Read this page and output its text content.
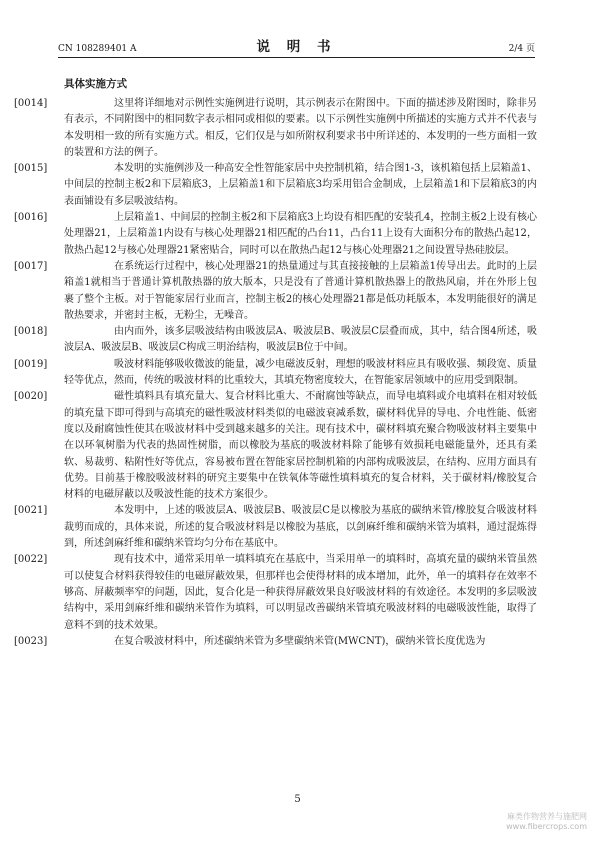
CN 108289401 A	说 明 书	2/4 页
具体实施方式

[0014]	这里将详细地对示例性实施例进行说明，其示例表示在附图中。下面的描述涉及附图时，除非另有表示，不同附图中的相同数字表示相同或相似的要素。以下示例性实施例中所描述的实施方式并不代表与本发明相一致的所有实施方式。相反，它们仅是与如所附权利要求书中所详述的、本发明的一些方面相一致的装置和方法的例子。

[0015]	本发明的实施例涉及一种高安全性智能家居中央控制机箱，结合图1-3，该机箱包括上层箱盖1、中间层的控制主板2和下层箱底3，上层箱盖1和下层箱底3均采用铝合金制成，上层箱盖1和下层箱底3的内表面铺设有多层吸波结构。

[0016]	上层箱盖1、中间层的控制主板2和下层箱底3上均设有相匹配的安装孔4，控制主板2上设有核心处理器21，上层箱盖1内设有与核心处理器21相匹配的凸台11，凸台11上设有大面积分布的散热凸起12，散热凸起12与核心处理器21紧密贴合，同时可以在散热凸起12与核心处理器21之间设置导热硅胶层。

[0017]	在系统运行过程中，核心处理器21的热量通过与其直接接触的上层箱盖1传导出去。此时的上层箱盖1就相当于普通计算机散热器的放大版本，只是没有了普通计算机散热器上的散热风扇，并在外形上包裹了整个主板。对于智能家居行业而言，控制主板2的核心处理器21都是低功耗版本，本发明能很好的满足散热要求，并密封主板，无粉尘，无噪音。

[0018]	由内而外，该多层吸波结构由吸波层A、吸波层B、吸波层C层叠而成，其中，结合图4所述，吸波层A、吸波层B、吸波层C构成三明治结构，吸波层B位于中间。

[0019]	吸波材料能够吸收微波的能量，减少电磁波反射，理想的吸波材料应具有吸收强、频段宽、质量轻等优点，然而，传统的吸波材料的比重较大，其填充物密度较大，在智能家居领域中的应用受到限制。

[0020]	磁性填料具有填充量大、复合材料比重大、不耐腐蚀等缺点，而导电填料或介电填料在相对较低的填充量下即可得到与高填充的磁性吸波材料类似的电磁波衰减系数，碳材料优异的导电、介电性能、低密度以及耐腐蚀性使其在吸波材料中受到越来越多的关注。现有技术中，碳材料填充聚合物吸波材料主要集中在以环氧树脂为代表的热固性树脂，而以橡胶为基底的吸波材料除了能够有效损耗电磁能量外，还具有柔软、易裁剪、粘附性好等优点，容易被布置在智能家居控制机箱的内部构成吸波层，在结构、应用方面具有优势。目前基于橡胶吸波材料的研究主要集中在铁氧体等磁性填料填充的复合材料，关于碳材料/橡胶复合材料的电磁屏蔽以及吸波性能的技术方案很少。

[0021]	本发明中，上述的吸波层A、吸波层B、吸波层C是以橡胶为基底的碳纳米管/橡胶复合吸波材料裁剪而成的，具体来说，所述的复合吸波材料是以橡胶为基底，以剑麻纤维和碳纳米管为填料，通过混炼得到，所述剑麻纤维和碳纳米管均匀分布在基底中。

[0022]	现有技术中，通常采用单一填料填充在基底中，当采用单一的填料时，高填充量的碳纳米管虽然可以使复合材料获得较佳的电磁屏蔽效果，但那样也会使得材料的成本增加，此外，单一的填料存在效率不够高、屏蔽频率窄的问题，因此，复合化是一种获得屏蔽效果良好吸波材料的有效途径。本发明的多层吸波结构中，采用剑麻纤维和碳纳米管作为填料，可以明显改善碳纳米管填充吸波材料的电磁吸波性能，取得了意料不到的技术效果。

[0023]	在复合吸波材料中，所述碳纳米管为多壁碳纳米管(MWCNT)，碳纳米管长度优选为

5
麻类作物营养与施肥网
www.fibercrops.com
